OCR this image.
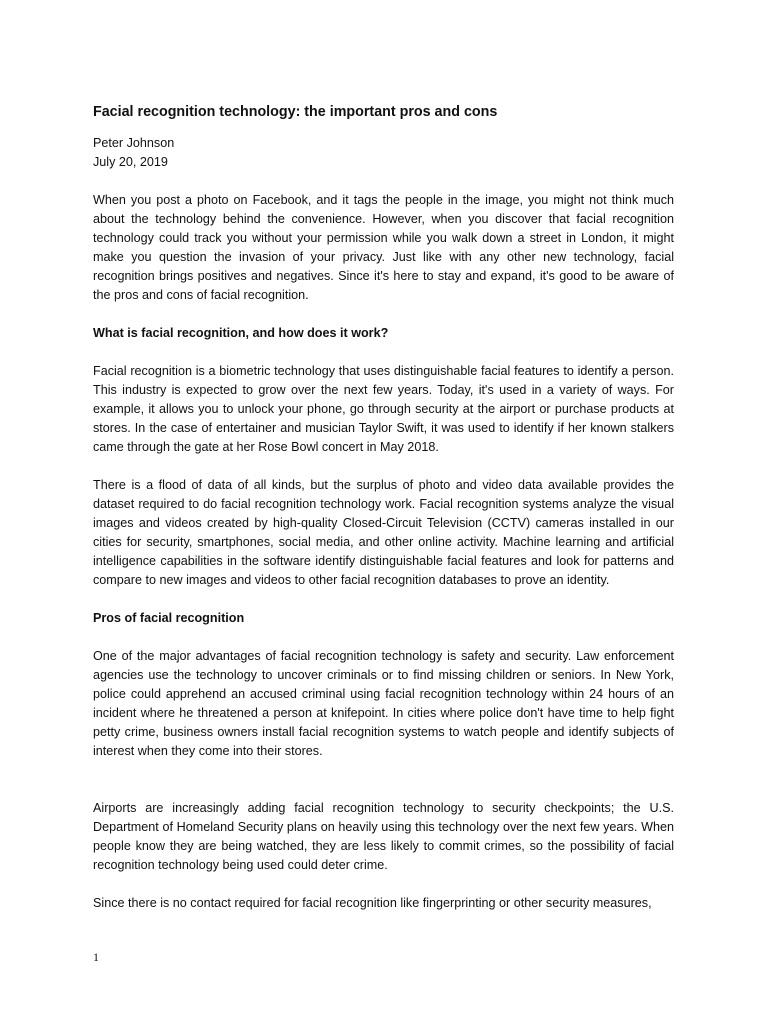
Facial recognition technology: the important pros and cons
Peter Johnson
July 20, 2019

When you post a photo on Facebook, and it tags the people in the image, you might not think much about the technology behind the convenience. However, when you discover that facial recognition technology could track you without your permission while you walk down a street in London, it might make you question the invasion of your privacy. Just like with any other new technology, facial recognition brings positives and negatives. Since it's here to stay and expand, it's good to be aware of the pros and cons of facial recognition.

What is facial recognition, and how does it work?

Facial recognition is a biometric technology that uses distinguishable facial features to identify a person. This industry is expected to grow over the next few years. Today, it's used in a variety of ways. For example, it allows you to unlock your phone, go through security at the airport or purchase products at stores. In the case of entertainer and musician Taylor Swift, it was used to identify if her known stalkers came through the gate at her Rose Bowl concert in May 2018.

There is a flood of data of all kinds, but the surplus of photo and video data available provides the dataset required to do facial recognition technology work. Facial recognition systems analyze the visual images and videos created by high-quality Closed-Circuit Television (CCTV) cameras installed in our cities for security, smartphones, social media, and other online activity. Machine learning and artificial intelligence capabilities in the software identify distinguishable facial features and look for patterns and compare to new images and videos to other facial recognition databases to prove an identity.

Pros of facial recognition

One of the major advantages of facial recognition technology is safety and security. Law enforcement agencies use the technology to uncover criminals or to find missing children or seniors. In New York, police could apprehend an accused criminal using facial recognition technology within 24 hours of an incident where he threatened a person at knifepoint. In cities where police don't have time to help fight petty crime, business owners install facial recognition systems to watch people and identify subjects of interest when they come into their stores.

Airports are increasingly adding facial recognition technology to security checkpoints; the U.S. Department of Homeland Security plans on heavily using this technology over the next few years. When people know they are being watched, they are less likely to commit crimes, so the possibility of facial recognition technology being used could deter crime.

Since there is no contact required for facial recognition like fingerprinting or other security measures,

1
